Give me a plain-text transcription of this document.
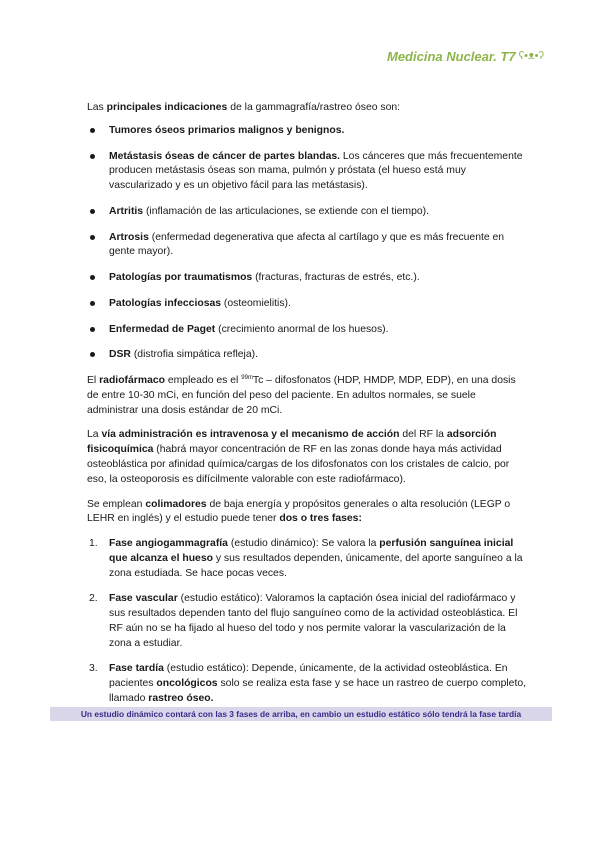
Medicina Nuclear. T7 ʕ•ᴥ•ʔ

Las principales indicaciones de la gammagrafía/rastreo óseo son:

Tumores óseos primarios malignos y benignos.
Metástasis óseas de cáncer de partes blandas. Los cánceres que más frecuentemente producen metástasis óseas son mama, pulmón y próstata (el hueso está muy vascularizado y es un objetivo fácil para las metástasis).
Artritis (inflamación de las articulaciones, se extiende con el tiempo).
Artrosis (enfermedad degenerativa que afecta al cartílago y que es más frecuente en gente mayor).
Patologías por traumatismos (fracturas, fracturas de estrés, etc.).
Patologías infecciosas (osteomielitis).
Enfermedad de Paget (crecimiento anormal de los huesos).
DSR (distrofia simpática refleja).

El radiofármaco empleado es el $^{99m}$Tc – difosfonatos (HDP, HMDP, MDP, EDP), en una dosis de entre 10-30 mCi, en función del peso del paciente. En adultos normales, se suele administrar una dosis estándar de 20 mCi.

La vía administración es intravenosa y el mecanismo de acción del RF la adsorción fisicoquímica (habrá mayor concentración de RF en las zonas donde haya más actividad osteoblástica por afinidad química/cargas de los difosfonatos con los cristales de calcio, por eso, la osteoporosis es difícilmente valorable con este radiofármaco).

Se emplean colimadores de baja energía y propósitos generales o alta resolución (LEGP o LEHR en inglés) y el estudio puede tener dos o tres fases:

1. Fase angiogammagrafía (estudio dinámico): Se valora la perfusión sanguínea inicial que alcanza el hueso y sus resultados dependen, únicamente, del aporte sanguíneo a la zona estudiada. Se hace pocas veces.
2. Fase vascular (estudio estático): Valoramos la captación ósea inicial del radiofármaco y sus resultados dependen tanto del flujo sanguíneo como de la actividad osteoblástica. El RF aún no se ha fijado al hueso del todo y nos permite valorar la vascularización de la zona a estudiar.
3. Fase tardía (estudio estático): Depende, únicamente, de la actividad osteoblástica. En pacientes oncológicos solo se realiza esta fase y se hace un rastreo de cuerpo completo, llamado rastreo óseo.
Un estudio dinámico contará con las 3 fases de arriba, en cambio un estudio estático sólo tendrá la fase tardía
